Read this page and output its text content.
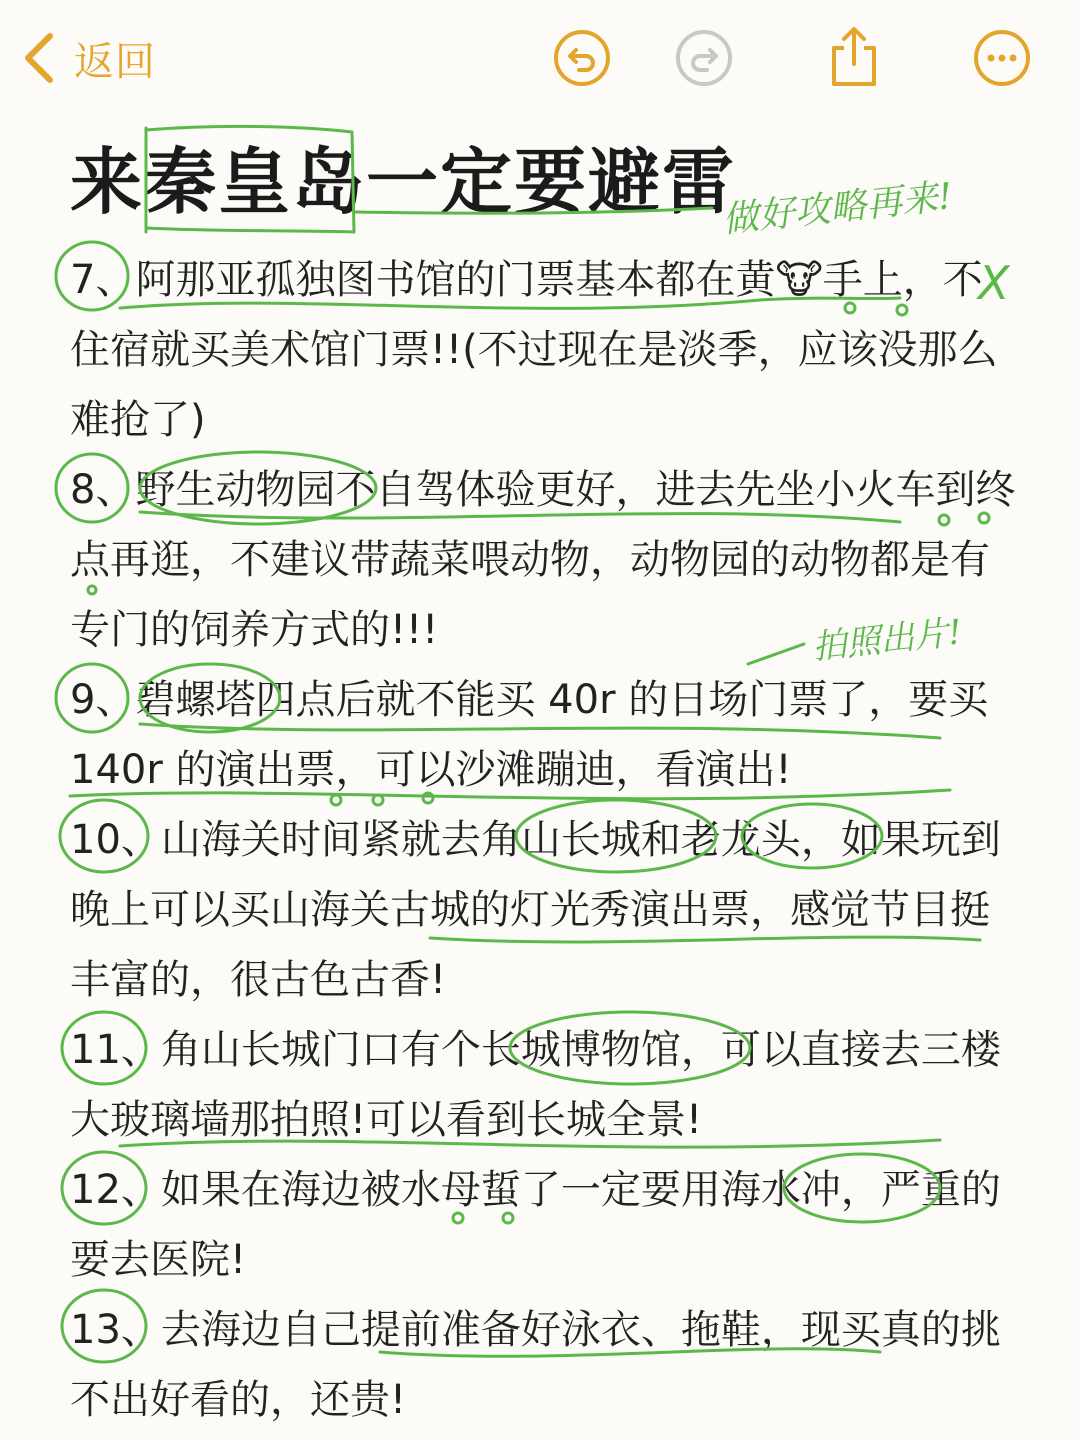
返回
来秦皇岛一定要避雷
做好攻略再来!
X
拍照出片!

7、阿那亚孤独图书馆的门票基本都在黄🐮手上，不住宿就买美术馆门票!!(不过现在是淡季，应该没那么难抢了)

8、野生动物园不自驾体验更好，进去先坐小火车到终点再逛，不建议带蔬菜喂动物，动物园的动物都是有专门的饲养方式的!!!

9、碧螺塔四点后就不能买 40r 的日场门票了，要买 140r 的演出票，可以沙滩蹦迪，看演出!

10、山海关时间紧就去角山长城和老龙头，如果玩到晚上可以买山海关古城的灯光秀演出票，感觉节目挺丰富的，很古色古香!

11、角山长城门口有个长城博物馆，可以直接去三楼大玻璃墙那拍照!可以看到长城全景!

12、如果在海边被水母蜇了一定要用海水冲，严重的要去医院!

13、去海边自己提前准备好泳衣、拖鞋，现买真的挑不出好看的，还贵!
